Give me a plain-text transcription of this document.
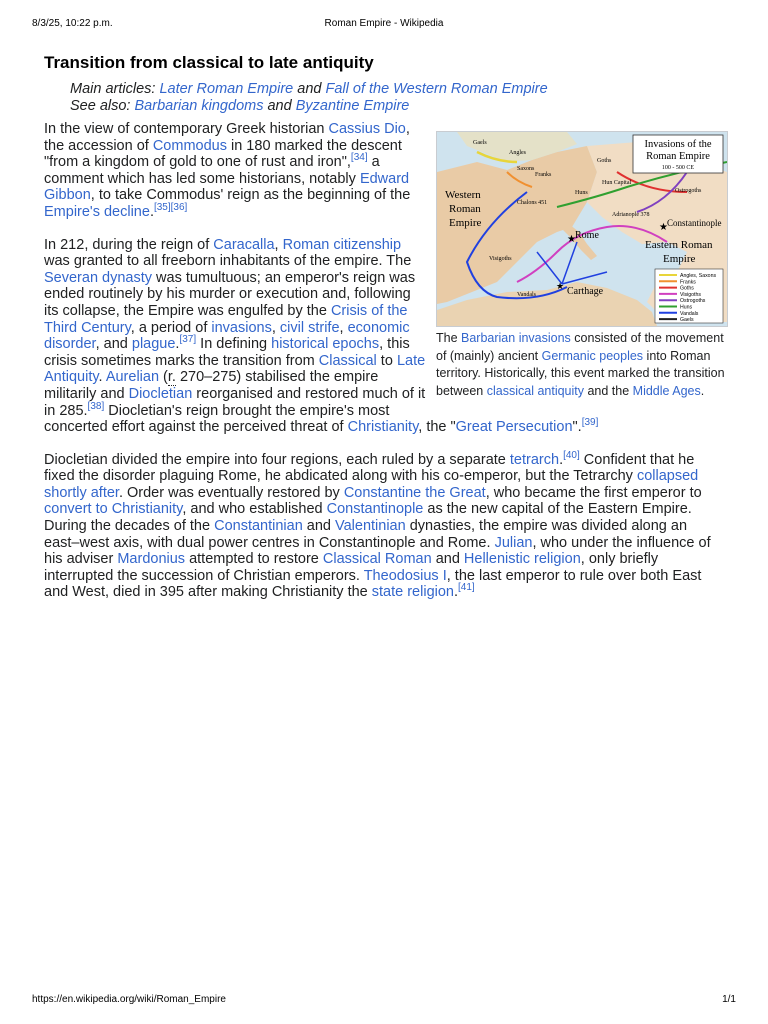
8/3/25, 10:22 p.m.	Roman Empire - Wikipedia
Transition from classical to late antiquity
Main articles: Later Roman Empire and Fall of the Western Roman Empire
See also: Barbarian kingdoms and Byzantine Empire
★
★
★
Western
Roman
Empire
Eastern Roman
Empire
Rome
Carthage
Constantinople
Hun Capital
Adrianople 378
Chalons 451
Angles
Saxons
Franks
Goths
Huns
Vandals
Gaels
Visigoths
Ostrogoths
Invasions of the
Roman Empire
100 - 500 CE
Angles, Saxons
Franks
Goths
Visigoths
Ostrogoths
Huns
Vandals
Gaels
The Barbarian invasions consisted of the movement of (mainly) ancient Germanic peoples into Roman territory. Historically, this event marked the transition between classical antiquity and the Middle Ages.

In the view of contemporary Greek historian Cassius Dio, the accession of Commodus in 180 marked the descent "from a kingdom of gold to one of rust and iron",[34] a comment which has led some historians, notably Edward Gibbon, to take Commodus' reign as the beginning of the Empire's decline.[35][36]

In 212, during the reign of Caracalla, Roman citizenship was granted to all freeborn inhabitants of the empire. The Severan dynasty was tumultuous; an emperor's reign was ended routinely by his murder or execution and, following its collapse, the Empire was engulfed by the Crisis of the Third Century, a period of invasions, civil strife, economic disorder, and plague.[37] In defining historical epochs, this crisis sometimes marks the transition from Classical to Late Antiquity. Aurelian (r. 270–275) stabilised the empire militarily and Diocletian reorganised and restored much of it in 285.[38] Diocletian's reign brought the empire's most concerted effort against the perceived threat of Christianity, the "Great Persecution".[39]

Diocletian divided the empire into four regions, each ruled by a separate tetrarch.[40] Confident that he fixed the disorder plaguing Rome, he abdicated along with his co-emperor, but the Tetrarchy collapsed shortly after. Order was eventually restored by Constantine the Great, who became the first emperor to convert to Christianity, and who established Constantinople as the new capital of the Eastern Empire. During the decades of the Constantinian and Valentinian dynasties, the empire was divided along an east–west axis, with dual power centres in Constantinople and Rome. Julian, who under the influence of his adviser Mardonius attempted to restore Classical Roman and Hellenistic religion, only briefly interrupted the succession of Christian emperors. Theodosius I, the last emperor to rule over both East and West, died in 395 after making Christianity the state religion.[41]

https://en.wikipedia.org/wiki/Roman_Empire	1/1
